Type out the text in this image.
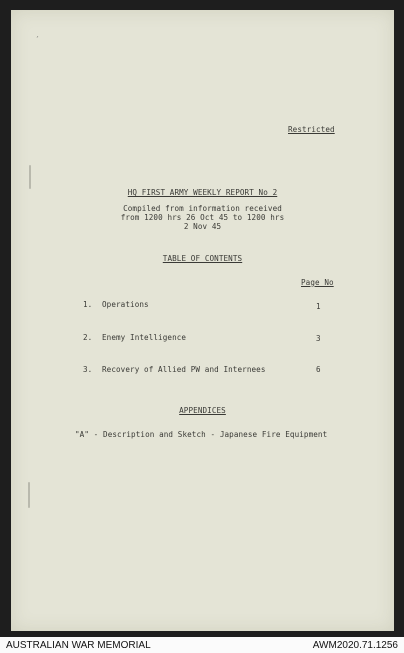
´
Restricted
HQ FIRST ARMY WEEKLY REPORT No 2
Compiled from information received
from 1200 hrs 26 Oct 45 to 1200 hrs
2 Nov 45
TABLE OF CONTENTS
Page No
1. Operations	1
2. Enemy Intelligence	3
3. Recovery of Allied PW and Internees	6
APPENDICES
"A" - Description and Sketch - Japanese Fire Equipment
AUSTRALIAN WAR MEMORIAL	AWM2020.71.1256
